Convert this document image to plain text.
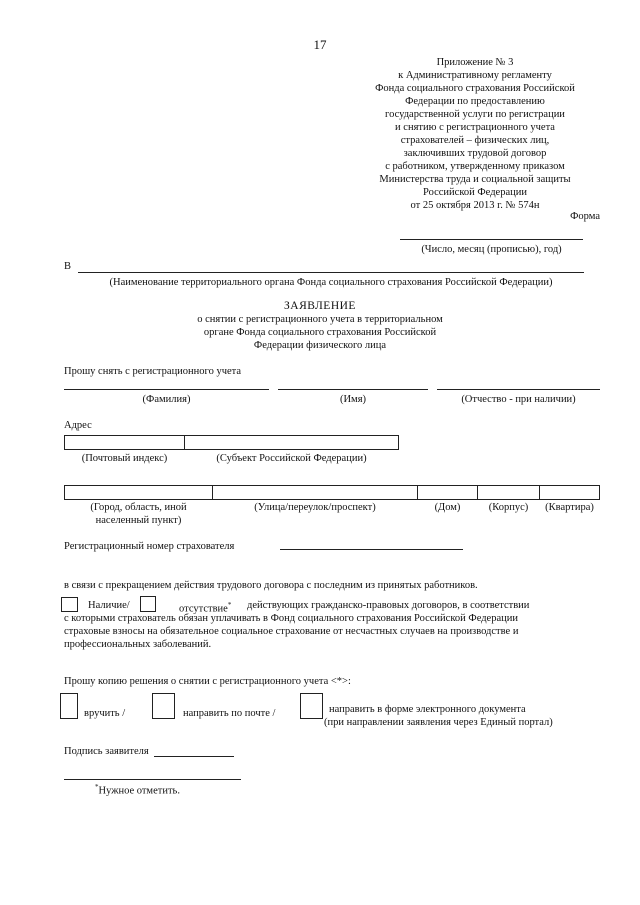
17
Приложение № 3
к Административному регламенту
Фонда социального страхования Российской
Федерации по предоставлению
государственной услуги по регистрации
и снятию с регистрационного учета
страхователей – физических лиц,
заключивших трудовой договор
с работником, утвержденному приказом
Министерства труда и социальной защиты
Российской Федерации
от 25 октября 2013 г. № 574н
Форма
(Число, месяц (прописью), год)
В
(Наименование территориального органа Фонда социального страхования Российской Федерации)
ЗАЯВЛЕНИЕ
о снятии с регистрационного учета в территориальном
органе Фонда социального страхования Российской
Федерации физического лица
Прошу снять с регистрационного учета
(Фамилия)	(Имя)	(Отчество - при наличии)
Адрес
(Почтовый индекс)	(Субъект Российской Федерации)
(Город, область, иной
населенный пункт)
(Улица/переулок/проспект)	(Дом)	(Корпус)	(Квартира)
Регистрационный номер страхователя
в связи с прекращением действия трудового договора с последним из принятых работников.
Наличие/	отсутствие* действующих гражданско-правовых договоров, в соответствии
с которыми страхователь обязан уплачивать в Фонд социального страхования Российской Федерации
страховые взносы на обязательное социальное страхование от несчастных случаев на производстве и
профессиональных заболеваний.
Прошу копию решения о снятии с регистрационного учета <*>:
вручить /	направить по почте /	направить в форме электронного документа
(при направлении заявления через Единый портал)
Подпись заявителя
*Нужное отметить.
